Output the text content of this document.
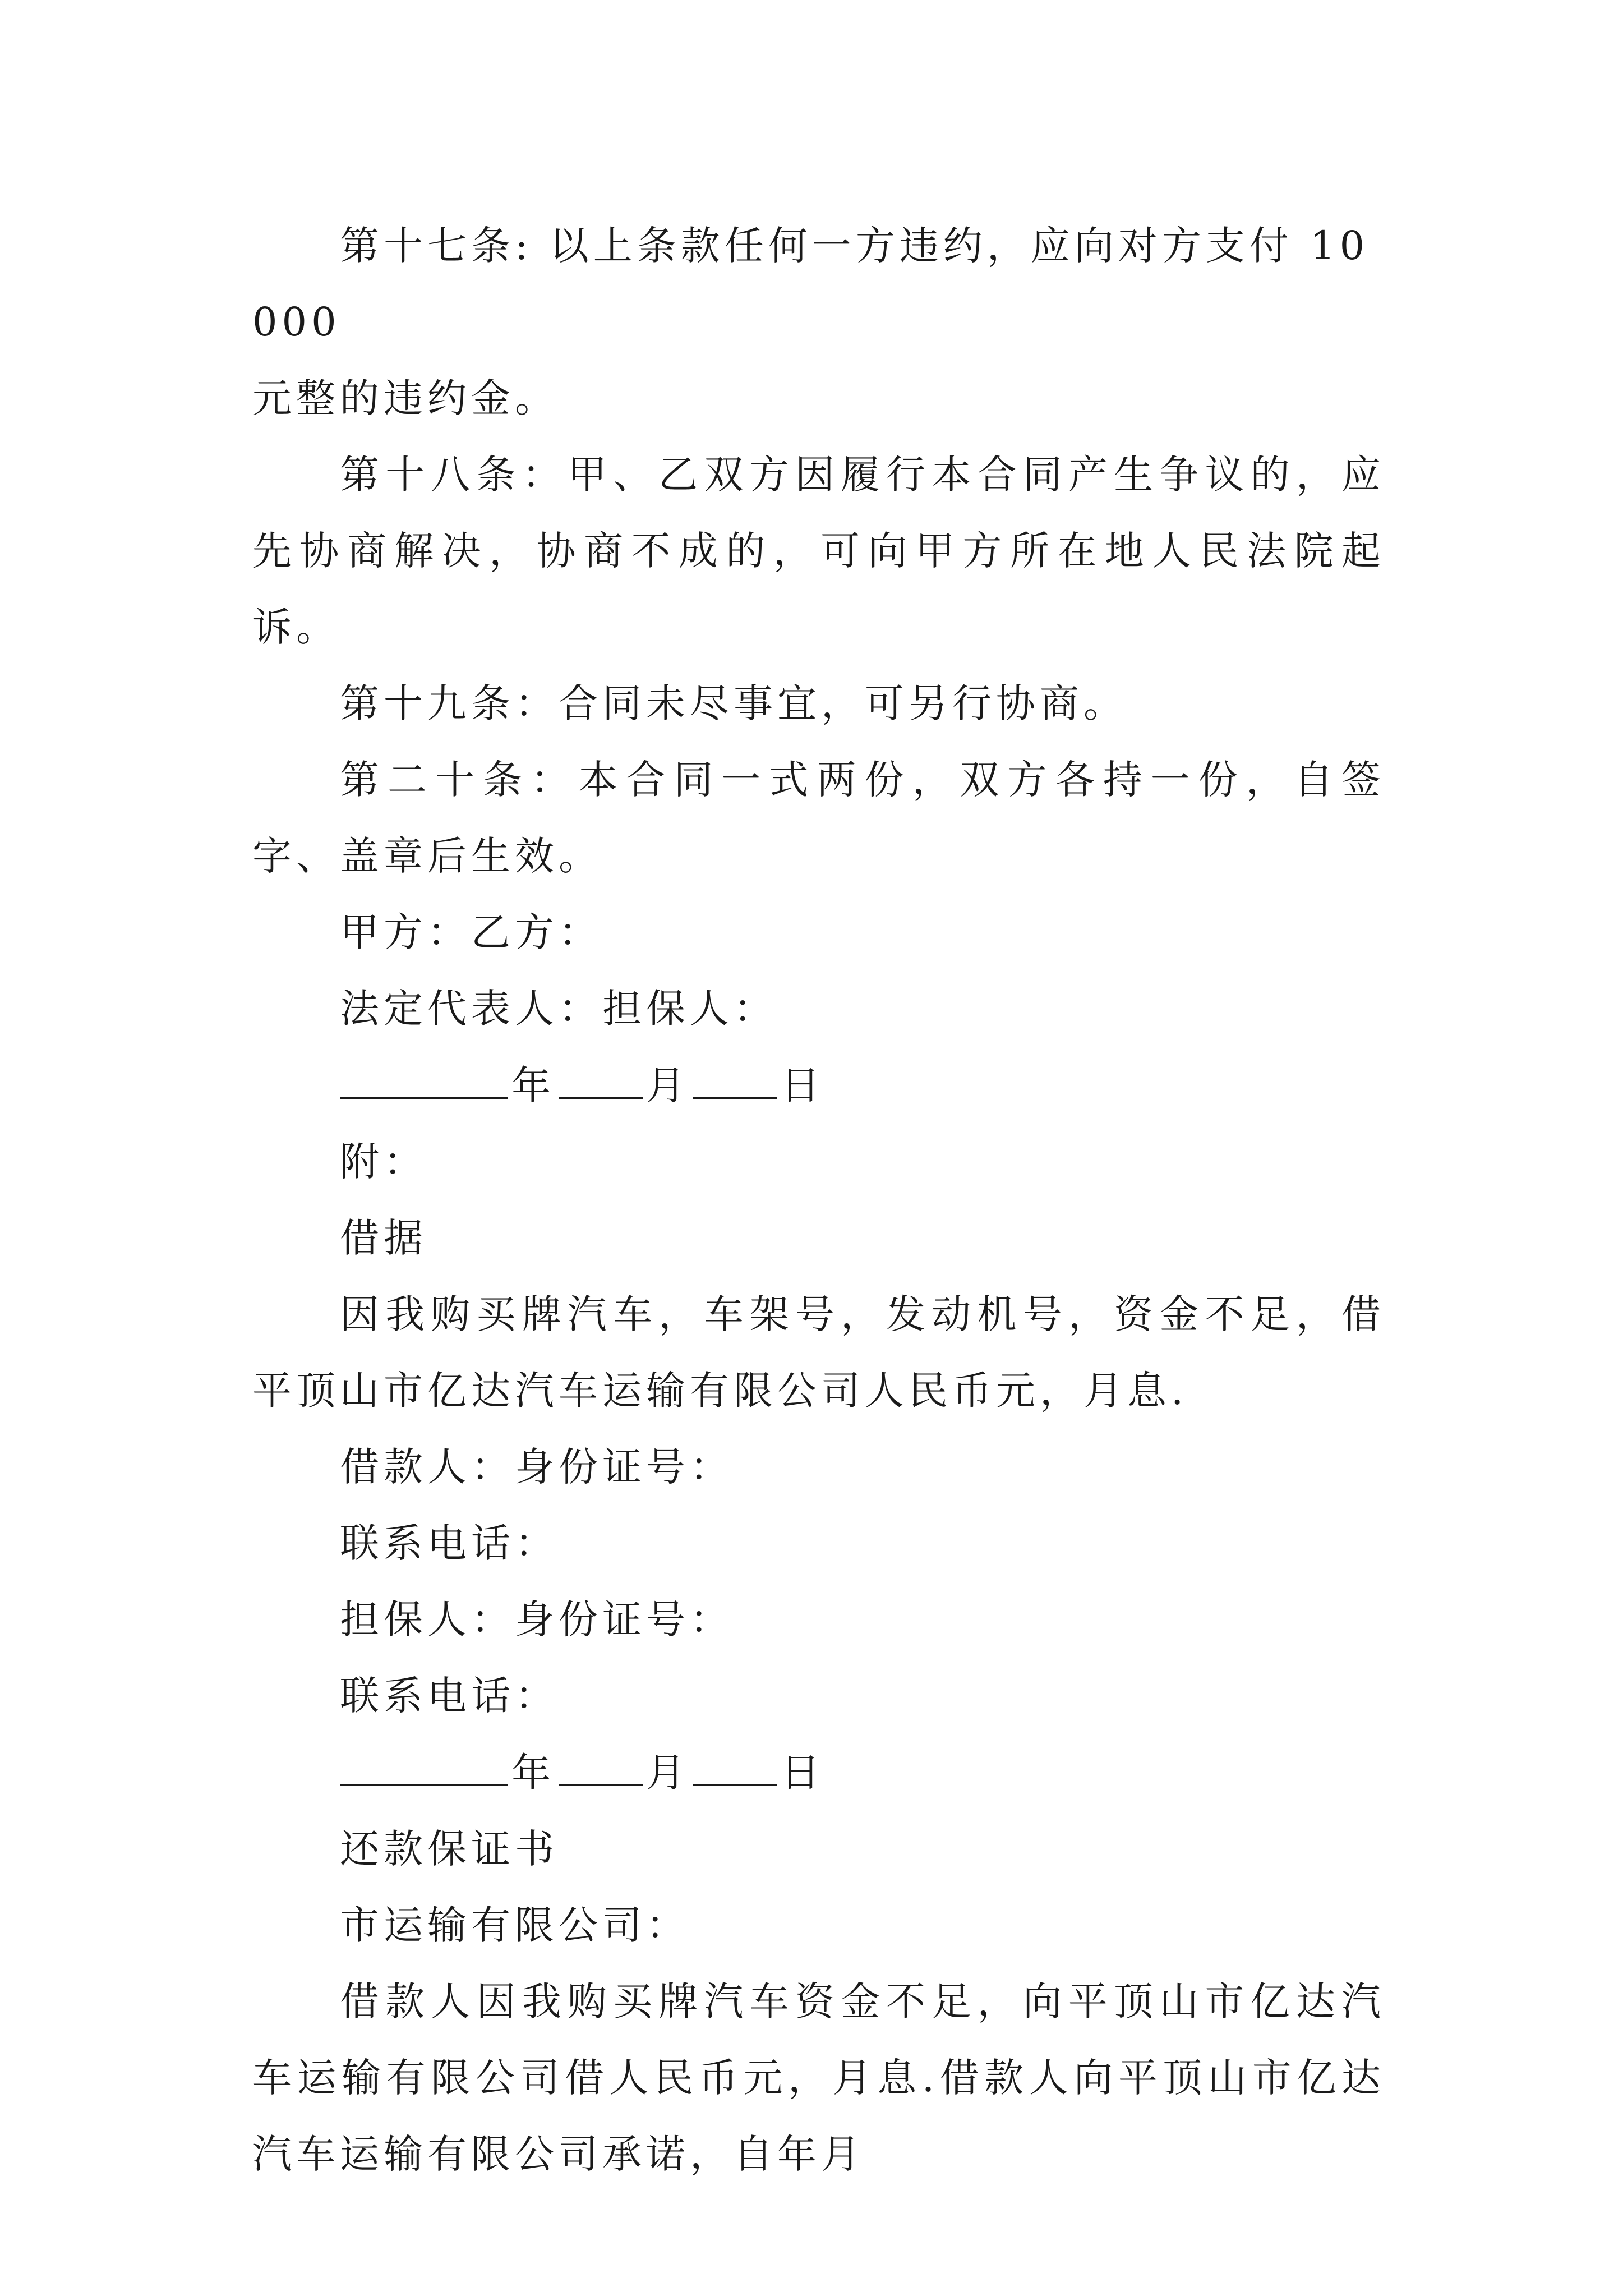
第十七条: 以上条款任何一方违约，应向对方支付 10000

元整的违约金。

第十八条：甲、乙双方因履行本合同产生争议的，应先协商解决，协商不成的，可向甲方所在地人民法院起诉。

第十九条：合同未尽事宜，可另行协商。

第二十条：本合同一式两份，双方各持一份，自签字、盖章后生效。

甲方：乙方：

法定代表人：担保人：

年 月 日

附：

借据

因我购买牌汽车，车架号，发动机号，资金不足，借平顶山市亿达汽车运输有限公司人民币元，月息.

借款人：身份证号：

联系电话：

担保人：身份证号：

联系电话：

年 月 日

还款保证书

市运输有限公司：

借款人因我购买牌汽车资金不足，向平顶山市亿达汽车运输有限公司借人民币元，月息.借款人向平顶山市亿达汽车运输有限公司承诺，自年月
